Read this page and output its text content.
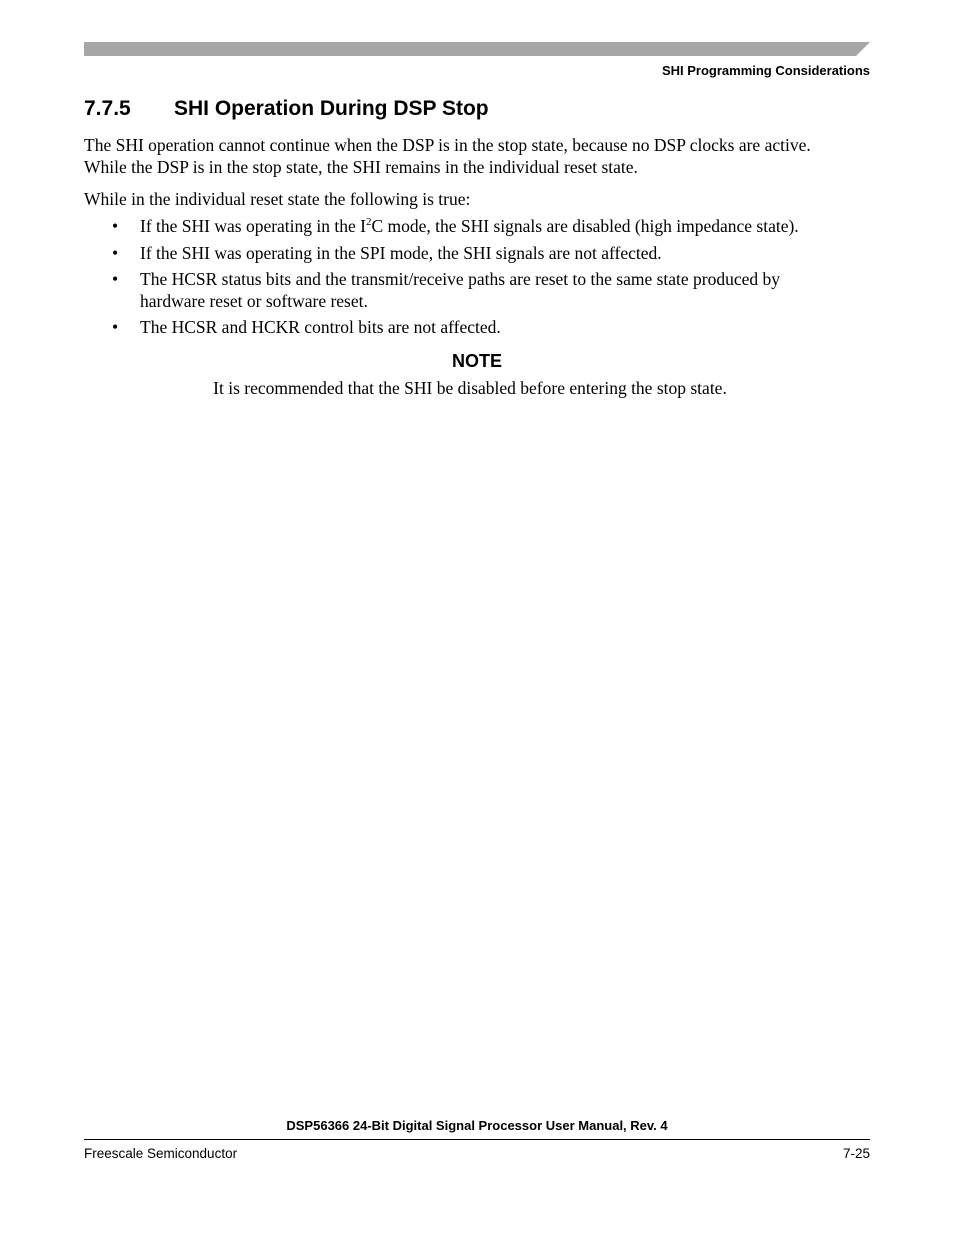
SHI Programming Considerations
7.7.5 SHI Operation During DSP Stop

The SHI operation cannot continue when the DSP is in the stop state, because no DSP clocks are active.
While the DSP is in the stop state, the SHI remains in the individual reset state.

While in the individual reset state the following is true:

• If the SHI was operating in the $I^2C$ mode, the SHI signals are disabled (high impedance state).
• If the SHI was operating in the SPI mode, the SHI signals are not affected.
• The HCSR status bits and the transmit/receive paths are reset to the same state produced by
hardware reset or software reset.
• The HCSR and HCKR control bits are not affected.
NOTE
It is recommended that the SHI be disabled before entering the stop state.
DSP56366 24-Bit Digital Signal Processor User Manual, Rev. 4
Freescale Semiconductor	7-25
